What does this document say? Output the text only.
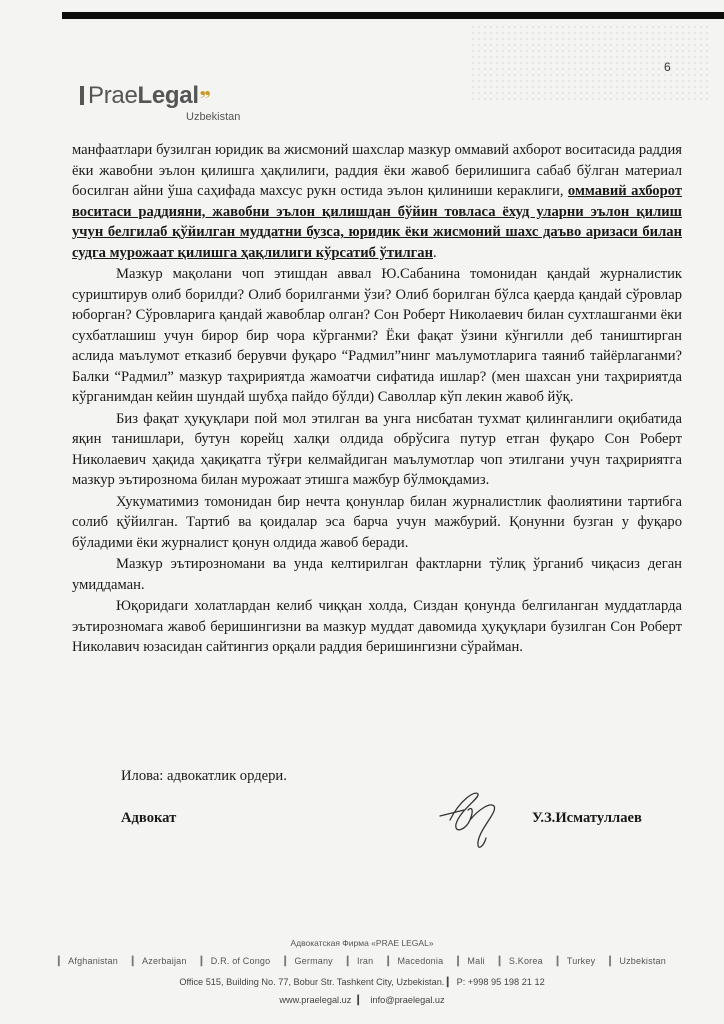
6
PraeLegal❠
Uzbekistan

манфаатлари бузилган юридик ва жисмоний шахслар мазкур оммавий ахборот воситасида раддия ёки жавобни эълон қилишга ҳақлилиги, раддия ёки жавоб берилишига сабаб бўлган материал босилган айни ўша саҳифада махсус рукн остида эълон қилиниши кераклиги, оммавий ахборот воситаси раддияни, жавобни эълон қилишдан бўйин товласа ёхуд уларни эълон қилиш учун белгилаб қўйилган муддатни бузса, юридик ёки жисмоний шахс даъво аризаси билан судга мурожаат қилишга ҳақлилиги кўрсатиб ўтилган.

Мазкур мақолани чоп этишдан аввал Ю.Сабанина томонидан қандай журналистик суриштирув олиб борилди? Олиб борилганми ўзи? Олиб борилган бўлса қаерда қандай сўровлар юборган? Сўровларига қандай жавоблар олган? Сон Роберт Николаевич билан сухтлашганми ёки сухбатлашиш учун бирор бир чора кўрганми? Ёки фақат ўзини кўнгилли деб таништирган аслида маълумот етказиб берувчи фуқаро “Радмил”нинг маълумотларига таяниб тайёрлаганми? Балки “Радмил” мазкур таҳририятда жамоатчи сифатида ишлар? (мен шахсан уни таҳририятда кўрганимдан кейин шундай шубҳа пайдо бўлди) Саволлар кўп лекин жавоб йўқ.

Биз фақат ҳуқуқлари пой мол этилган ва унга нисбатан тухмат қилинганлиги оқибатида яқин танишлари, бутун корейц халқи олдида обрўсига путур етган фуқаро Сон Роберт Николаевич ҳақида ҳақиқатга тўғри келмайдиган маълумотлар чоп этилгани учун таҳририятга мазкур эътирознома билан мурожаат этишга мажбур бўлмоқдамиз.

Хукуматимиз томонидан бир нечта қонунлар билан журналистлик фаолиятини тартибга солиб қўйилган. Тартиб ва қоидалар эса барча учун мажбурий. Қонунни бузган у фуқаро бўладими ёки журналист қонун олдида жавоб беради.

Мазкур эътирозномани ва унда келтирилган фактларни тўлиқ ўрганиб чиқасиз деган умиддаман.

Юқоридаги холатлардан келиб чиққан холда, Сиздан қонунда белгиланган муддатларда эътирозномага жавоб беришингизни ва мазкур муддат давомида ҳуқуқлари бузилган Сон Роберт Николавич юзасидан сайтингиз орқали раддия беришингизни сўрайман.

Илова: адвокатлик ордери.
Адвокат	У.З.Исматуллаев
Адвокатская Фирма «PRAE LEGAL»
▎ Afghanistan	▎ Azerbaijan	▎ D.R. of Congo	▎ Germany	▎ Iran	▎ Macedonia	▎ Mali	▎ S.Korea	▎ Turkey	▎ Uzbekistan
Office 515, Building No. 77, Bobur Str. Tashkent City, Uzbekistan. ▎ P: +998 95 198 21 12
www.praelegal.uz ▎ info@praelegal.uz
